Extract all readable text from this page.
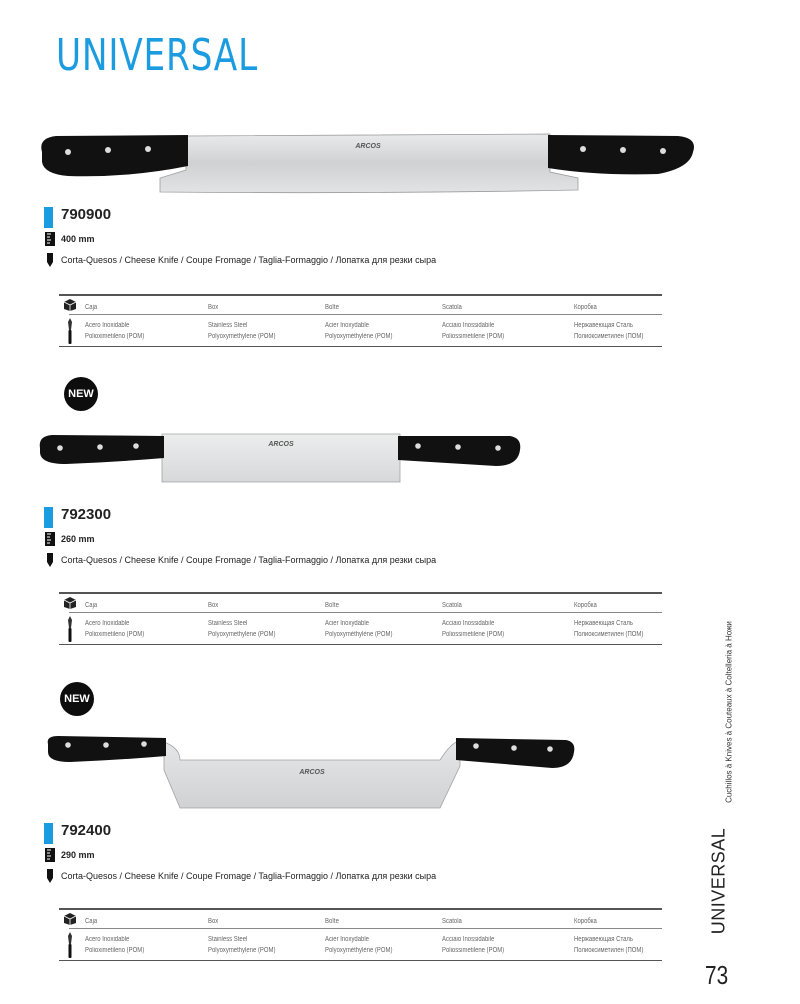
UNIVERSAL
ARCOS
790900
400 mm
Corta-Quesos / Cheese Knife / Coupe Fromage / Taglia-Formaggio / Лопатка для резки сыра
Caja	Box	Boîte	Scatola	Коробка
Acero Inoxidable	Stainless Steel	Acier Inoxydable	Acciaio Inossidabile	Нержавеющая Сталь
Polioximetileno (POM)	Polyoxymethylene (POM)	Polyoxyméthylène (POM)	Poliossimetilene (POM)	Полиоксиметилен (ПОМ)
NEW
ARCOS
792300
260 mm
Corta-Quesos / Cheese Knife / Coupe Fromage / Taglia-Formaggio / Лопатка для резки сыра
Caja	Box	Boîte	Scatola	Коробка
Acero Inoxidable	Stainless Steel	Acier Inoxydable	Acciaio Inossidabile	Нержавеющая Сталь
Polioximetileno (POM)	Polyoxymethylene (POM)	Polyoxyméthylène (POM)	Poliossimetilene (POM)	Полиоксиметилен (ПОМ)
NEW
ARCOS
792400
290 mm
Corta-Quesos / Cheese Knife / Coupe Fromage / Taglia-Formaggio / Лопатка для резки сыра
Caja	Box	Boîte	Scatola	Коробка
Acero Inoxidable	Stainless Steel	Acier Inoxydable	Acciaio Inossidabile	Нержавеющая Сталь
Polioximetileno (POM)	Polyoxymethylene (POM)	Polyoxyméthylène (POM)	Poliossimetilene (POM)	Полиоксиметилен (ПОМ)
Cuchillos à Knives à Couteaux à Coltelleria à Ножи
UNIVERSAL
73
